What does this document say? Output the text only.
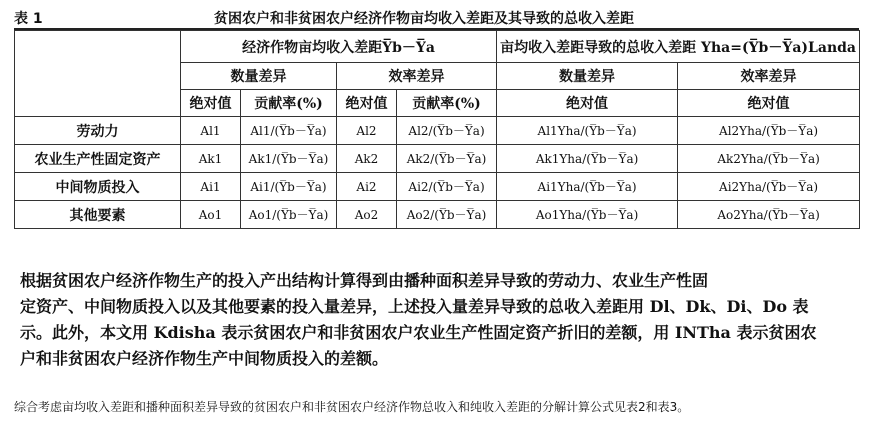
表 1	贫困农户和非贫困农户经济作物亩均收入差距及其导致的总收入差距
	经济作物亩均收入差距Y̅b－Y̅a				亩均收入差距导致的总收入差距 Yha=(Y̅b－Y̅a)Landa	
	数量差异		效率差异		数量差异	效率差异
	绝对值	贡献率(%)	绝对值	贡献率(%)	绝对值	绝对值
劳动力	Al1	Al1/(Y̅b－Y̅a)	Al2	Al2/(Y̅b－Y̅a)	Al1Yha/(Y̅b－Y̅a)	Al2Yha/(Y̅b－Y̅a)
农业生产性固定资产	Ak1	Ak1/(Y̅b－Y̅a)	Ak2	Ak2/(Y̅b－Y̅a)	Ak1Yha/(Y̅b－Y̅a)	Ak2Yha/(Y̅b－Y̅a)
中间物质投入	Ai1	Ai1/(Y̅b－Y̅a)	Ai2	Ai2/(Y̅b－Y̅a)	Ai1Yha/(Y̅b－Y̅a)	Ai2Yha/(Y̅b－Y̅a)
其他要素	Ao1	Ao1/(Y̅b－Y̅a)	Ao2	Ao2/(Y̅b－Y̅a)	Ao1Yha/(Y̅b－Y̅a)	Ao2Yha/(Y̅b－Y̅a)
根据贫困农户经济作物生产的投入产出结构计算得到由播种面积差异导致的劳动力、农业生产性固
定资产、中间物质投入以及其他要素的投入量差异，上述投入量差异导致的总收入差距用 Dl、Dk、Di、Do 表
示。此外，本文用 Kdisha 表示贫困农户和非贫困农户农业生产性固定资产折旧的差额，用 INTha 表示贫困农
户和非贫困农户经济作物生产中间物质投入的差额。
综合考虑亩均收入差距和播种面积差异导致的贫困农户和非贫困农户经济作物总收入和纯收入差距的分解计算公式见表2和表3。
